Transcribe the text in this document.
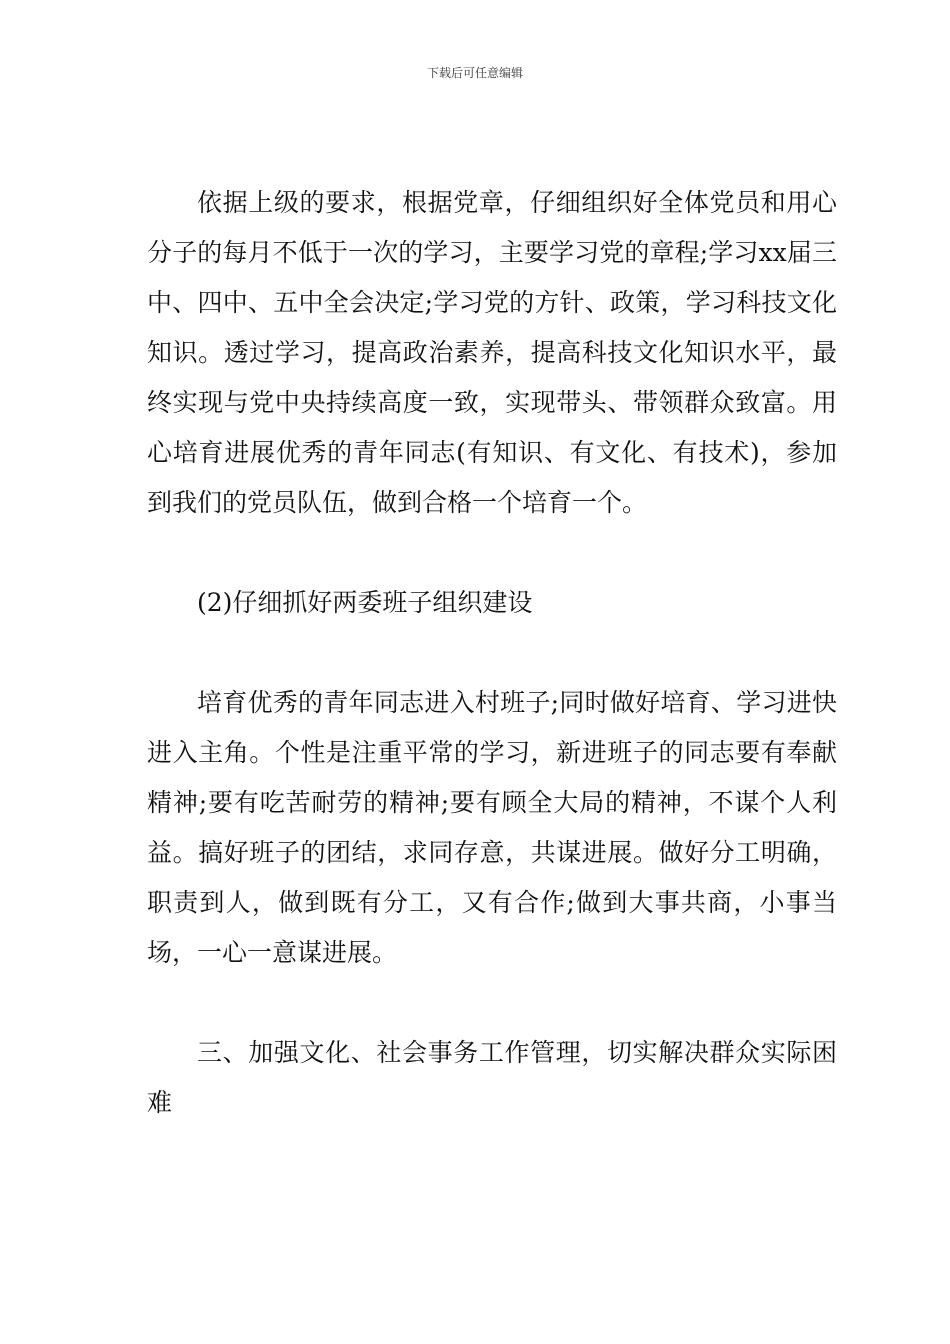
下载后可任意编辑

依据上级的要求，根据党章，仔细组织好全体党员和用心分子的每月不低于一次的学习，主要学习党的章程;学习xx届三中、四中、五中全会决定;学习党的方针、政策，学习科技文化知识。透过学习，提高政治素养，提高科技文化知识水平，最终实现与党中央持续高度一致，实现带头、带领群众致富。用心培育进展优秀的青年同志(有知识、有文化、有技术)，参加到我们的党员队伍，做到合格一个培育一个。

(2)仔细抓好两委班子组织建设

培育优秀的青年同志进入村班子;同时做好培育、学习进快进入主角。个性是注重平常的学习，新进班子的同志要有奉献精神;要有吃苦耐劳的精神;要有顾全大局的精神，不谋个人利益。搞好班子的团结，求同存意，共谋进展。做好分工明确，职责到人，做到既有分工，又有合作;做到大事共商，小事当场，一心一意谋进展。

三、加强文化、社会事务工作管理，切实解决群众实际困难
